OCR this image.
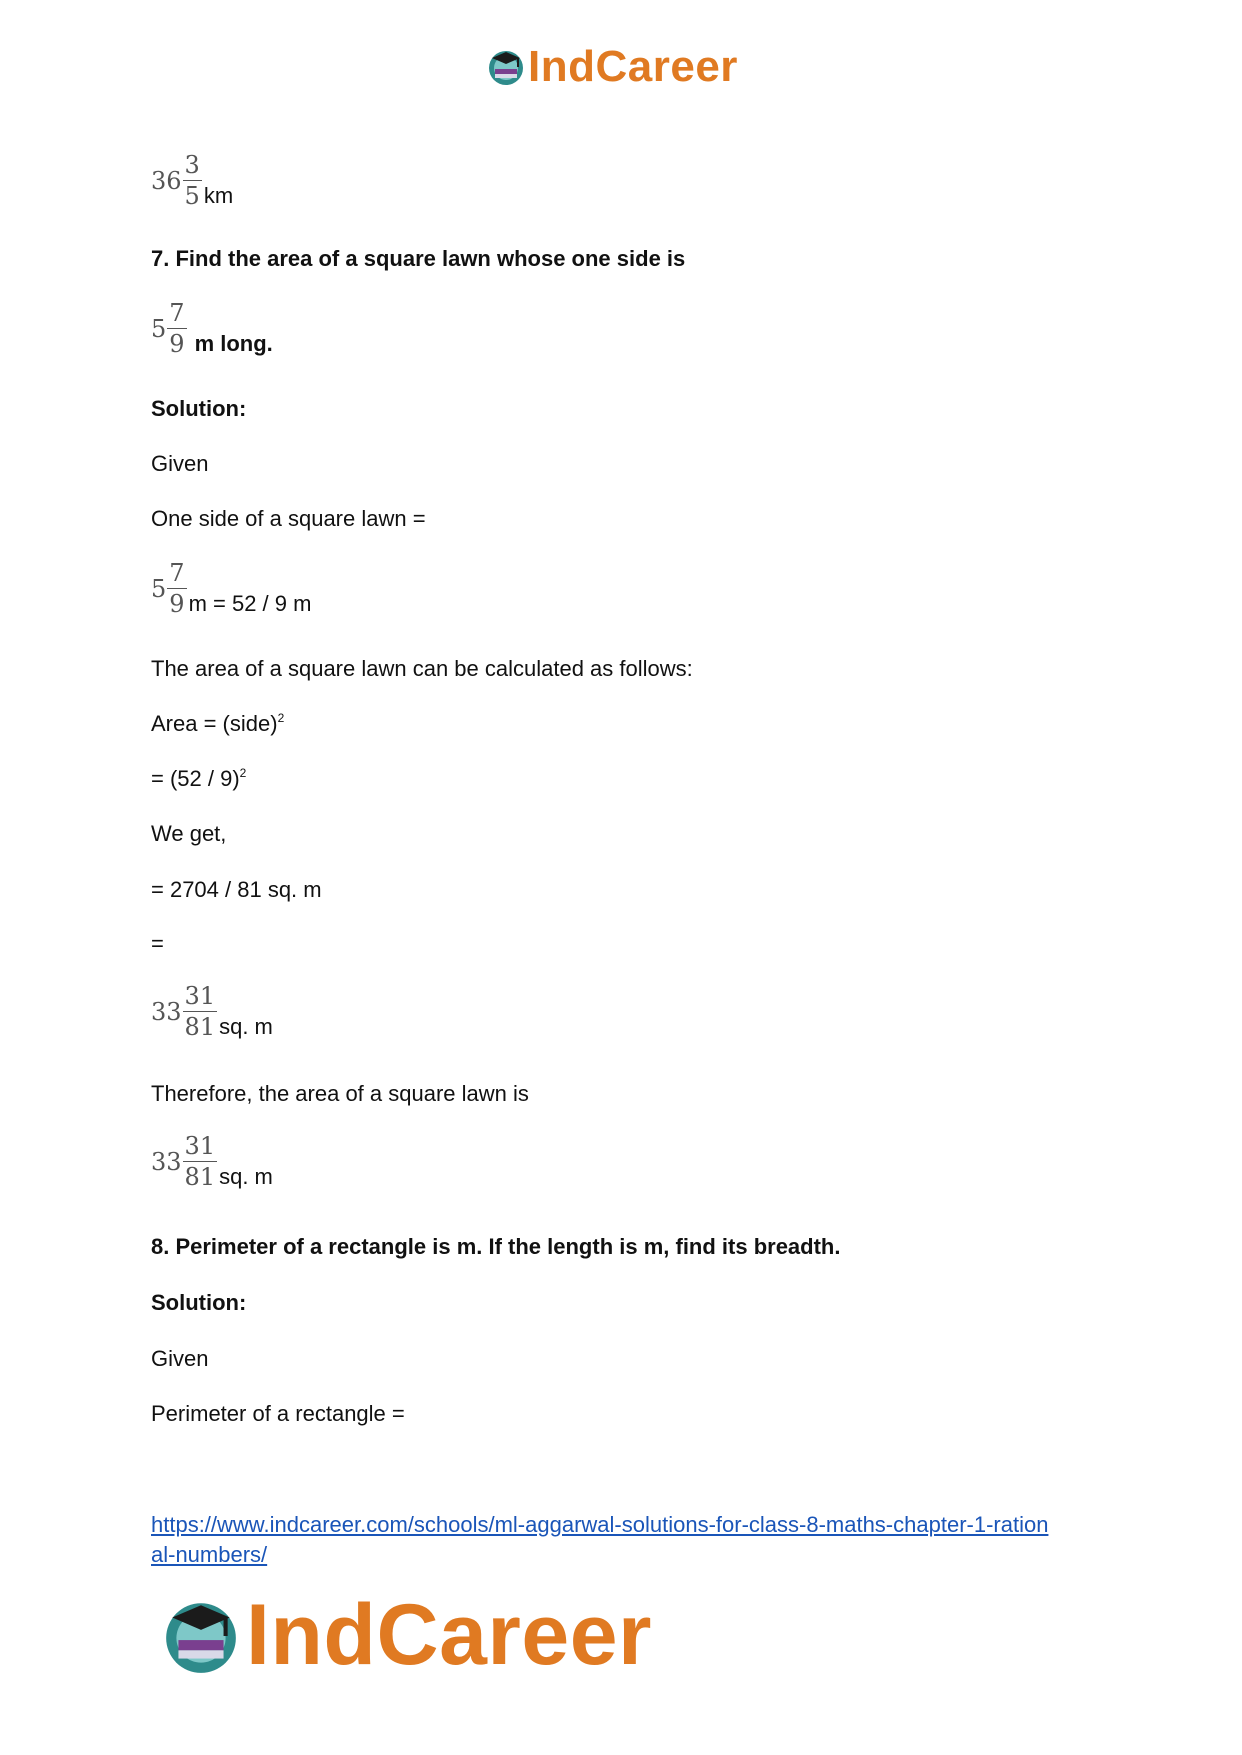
IndCareer
$36 \frac{3}{5}$ km
7. Find the area of a square lawn whose one side is
$5 \frac{7}{9}$ m long.
Solution:
Given
One side of a square lawn =
$5 \frac{7}{9}$ m = 52 / 9 m
The area of a square lawn can be calculated as follows:
Area = (side)$^2$
= (52 / 9)$^2$
We get,
= 2704 / 81 sq. m
=
$33 \frac{31}{81}$ sq. m
Therefore, the area of a square lawn is
$33 \frac{31}{81}$ sq. m
8. Perimeter of a rectangle is m. If the length is m, find its breadth.
Solution:
Given
Perimeter of a rectangle =
https://www.indcareer.com/schools/ml-aggarwal-solutions-for-class-8-maths-chapter-1-ration
al-numbers/
IndCareer
